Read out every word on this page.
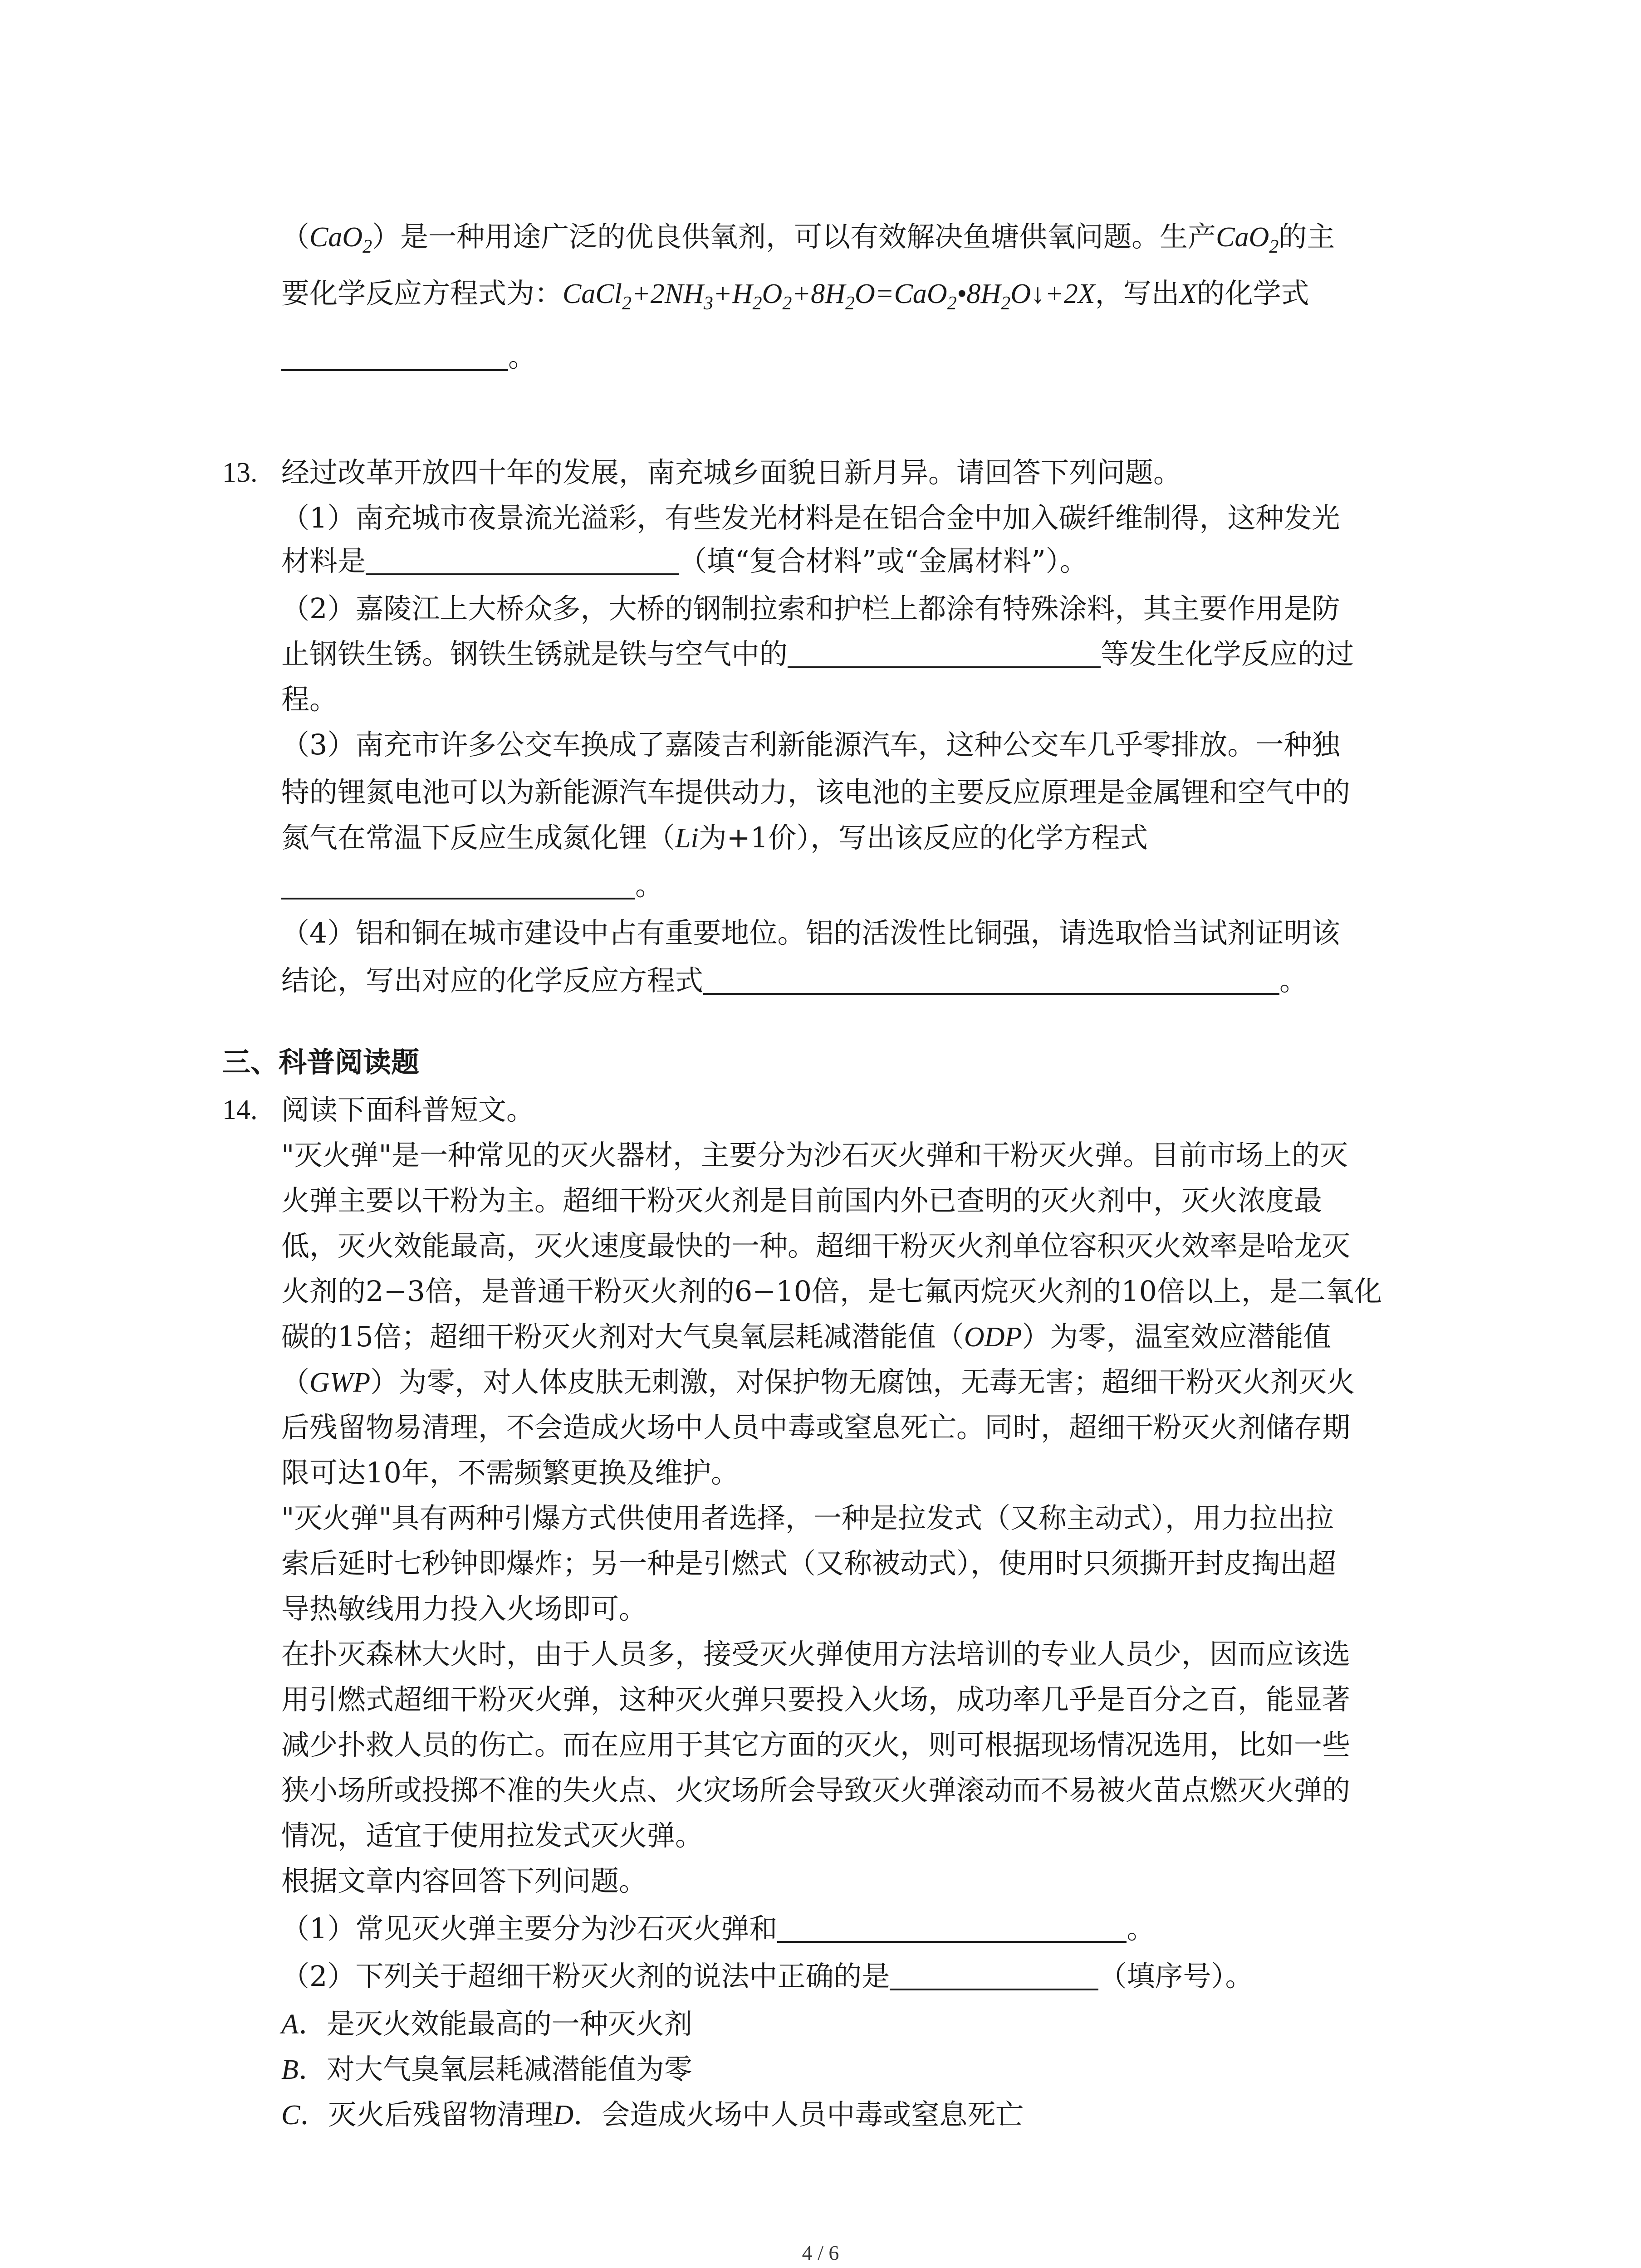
（CaO$_2$）是一种用途广泛的优良供氧剂，可以有效解决鱼塘供氧问题。生产CaO$_2$的主
要化学反应方程式为：$CaCl_2+2NH_3+H_2O_2+8H_2O=CaO_2•8H_2O↓+2X$，写出X的化学式
。
13. 经过改革开放四十年的发展，南充城乡面貌日新月异。请回答下列问题。
（1）南充城市夜景流光溢彩，有些发光材料是在铝合金中加入碳纤维制得，这种发光
材料是	（填“复合材料”或“金属材料”）。
（2）嘉陵江上大桥众多，大桥的钢制拉索和护栏上都涂有特殊涂料，其主要作用是防
止钢铁生锈。钢铁生锈就是铁与空气中的	等发生化学反应的过
程。
（3）南充市许多公交车换成了嘉陵吉利新能源汽车，这种公交车几乎零排放。一种独
特的锂氮电池可以为新能源汽车提供动力，该电池的主要反应原理是金属锂和空气中的
氮气在常温下反应生成氮化锂（Li为+1价），写出该反应的化学方程式
。
（4）铝和铜在城市建设中占有重要地位。铝的活泼性比铜强，请选取恰当试剂证明该
结论，写出对应的化学反应方程式	。
三、科普阅读题
14. 阅读下面科普短文。
"灭火弹"是一种常见的灭火器材，主要分为沙石灭火弹和干粉灭火弹。目前市场上的灭
火弹主要以干粉为主。超细干粉灭火剂是目前国内外已查明的灭火剂中，灭火浓度最
低，灭火效能最高，灭火速度最快的一种。超细干粉灭火剂单位容积灭火效率是哈龙灭
火剂的2−3倍，是普通干粉灭火剂的6−10倍，是七氟丙烷灭火剂的10倍以上，是二氧化
碳的15倍；超细干粉灭火剂对大气臭氧层耗减潜能值（ODP）为零，温室效应潜能值
（GWP）为零，对人体皮肤无刺激，对保护物无腐蚀，无毒无害；超细干粉灭火剂灭火
后残留物易清理，不会造成火场中人员中毒或窒息死亡。同时，超细干粉灭火剂储存期
限可达10年，不需频繁更换及维护。
"灭火弹"具有两种引爆方式供使用者选择，一种是拉发式（又称主动式），用力拉出拉
索后延时七秒钟即爆炸；另一种是引燃式（又称被动式），使用时只须撕开封皮掏出超
导热敏线用力投入火场即可。
在扑灭森林大火时，由于人员多，接受灭火弹使用方法培训的专业人员少，因而应该选
用引燃式超细干粉灭火弹，这种灭火弹只要投入火场，成功率几乎是百分之百，能显著
减少扑救人员的伤亡。而在应用于其它方面的灭火，则可根据现场情况选用，比如一些
狭小场所或投掷不准的失火点、火灾场所会导致灭火弹滚动而不易被火苗点燃灭火弹的
情况，适宜于使用拉发式灭火弹。
根据文章内容回答下列问题。
（1）常见灭火弹主要分为沙石灭火弹和	。
（2）下列关于超细干粉灭火剂的说法中正确的是	（填序号）。
A．是灭火效能最高的一种灭火剂
B．对大气臭氧层耗减潜能值为零
C．灭火后残留物清理D．会造成火场中人员中毒或窒息死亡
4 / 6
